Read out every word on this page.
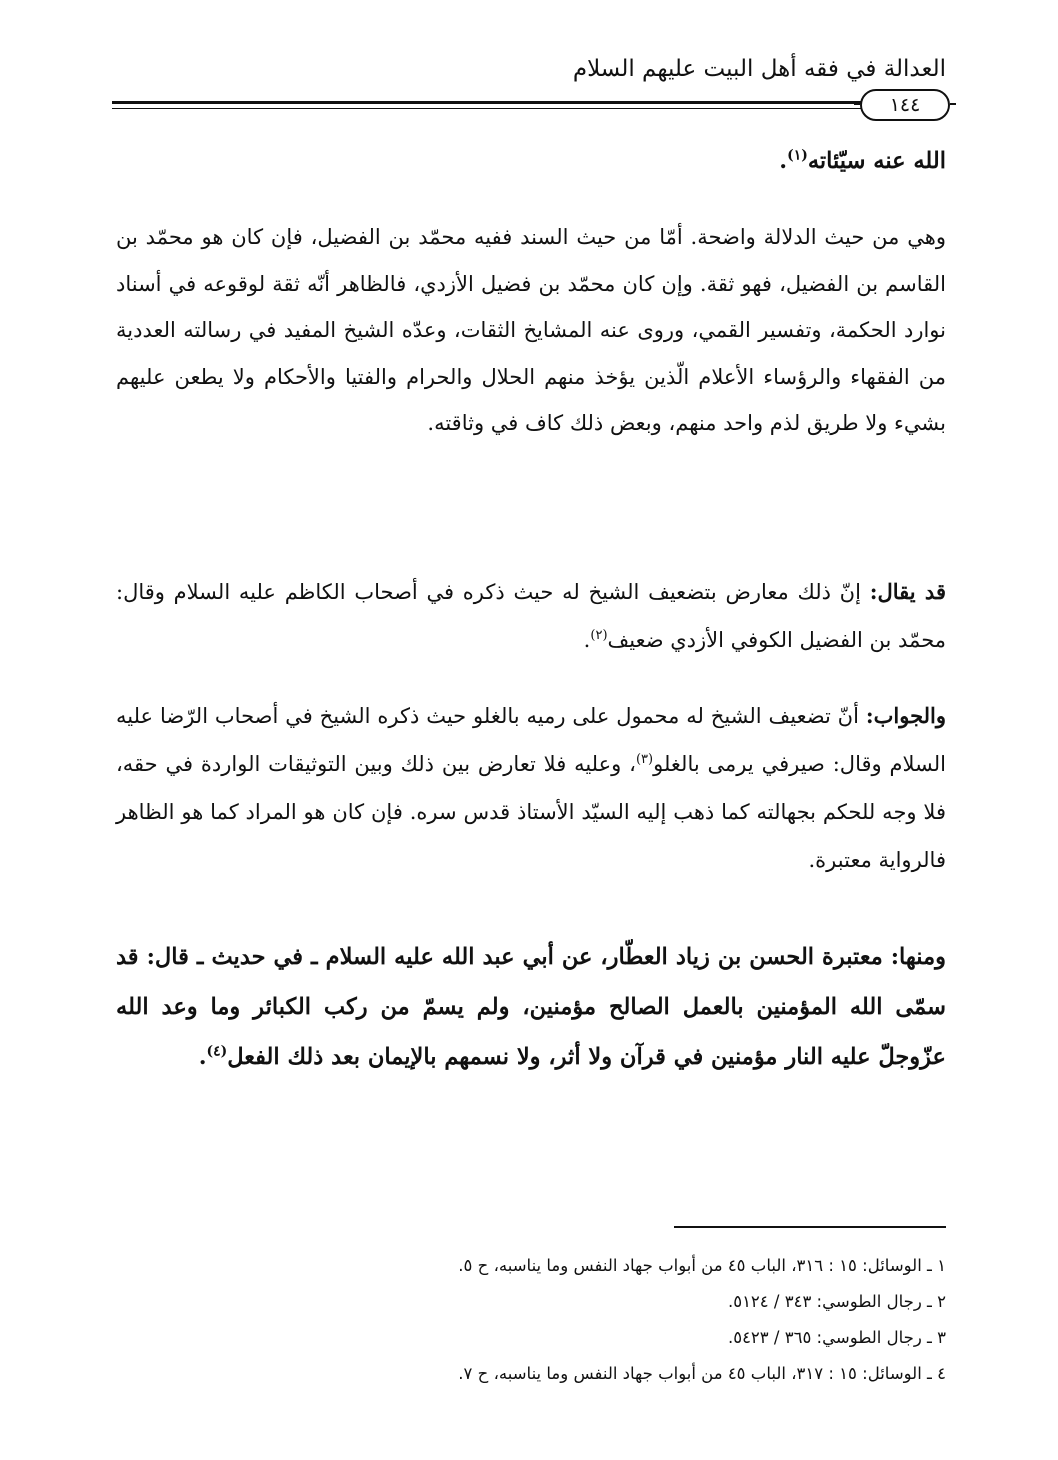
العدالة في فقه أهل البيت عليهم السلام
١٤٤
الله عنه سيّئاته$^{(١)}$.
وهي من حيث الدلالة واضحة. أمّا من حيث السند ففيه محمّد بن الفضيل، فإن كان هو محمّد بن القاسم بن الفضيل، فهو ثقة. وإن كان محمّد بن فضيل الأزدي، فالظاهر أنّه ثقة لوقوعه في أسناد نوارد الحكمة، وتفسير القمي، وروى عنه المشايخ الثقات، وعدّه الشيخ المفيد في رسالته العددية من الفقهاء والرؤساء الأعلام الّذين يؤخذ منهم الحلال والحرام والفتيا والأحكام ولا يطعن عليهم بشيء ولا طريق لذم واحد منهم، وبعض ذلك كاف في وثاقته.
قد يقال: إنّ ذلك معارض بتضعيف الشيخ له حيث ذكره في أصحاب الكاظم عليه السلام وقال: محمّد بن الفضيل الكوفي الأزدي ضعيف$^{(٢)}$.
والجواب: أنّ تضعيف الشيخ له محمول على رميه بالغلو حيث ذكره الشيخ في أصحاب الرّضا عليه السلام وقال: صيرفي يرمى بالغلو$^{(٣)}$، وعليه فلا تعارض بين ذلك وبين التوثيقات الواردة في حقه، فلا وجه للحكم بجهالته كما ذهب إليه السيّد الأستاذ قدس سره. فإن كان هو المراد كما هو الظاهر فالرواية معتبرة.
ومنها: معتبرة الحسن بن زياد العطّار، عن أبي عبد الله عليه السلام ـ في حديث ـ قال: قد سمّى الله المؤمنين بالعمل الصالح مؤمنين، ولم يسمّ من ركب الكبائر وما وعد الله عزّوجلّ عليه النار مؤمنين في قرآن ولا أثر، ولا نسمهم بالإيمان بعد ذلك الفعل$^{(٤)}$.
١ ـ الوسائل: ١٥ : ٣١٦، الباب ٤٥ من أبواب جهاد النفس وما يناسبه، ح ٥.
٢ ـ رجال الطوسي: ٣٤٣ / ٥١٢٤.
٣ ـ رجال الطوسي: ٣٦٥ / ٥٤٢٣.
٤ ـ الوسائل: ١٥ : ٣١٧، الباب ٤٥ من أبواب جهاد النفس وما يناسبه، ح ٧.
